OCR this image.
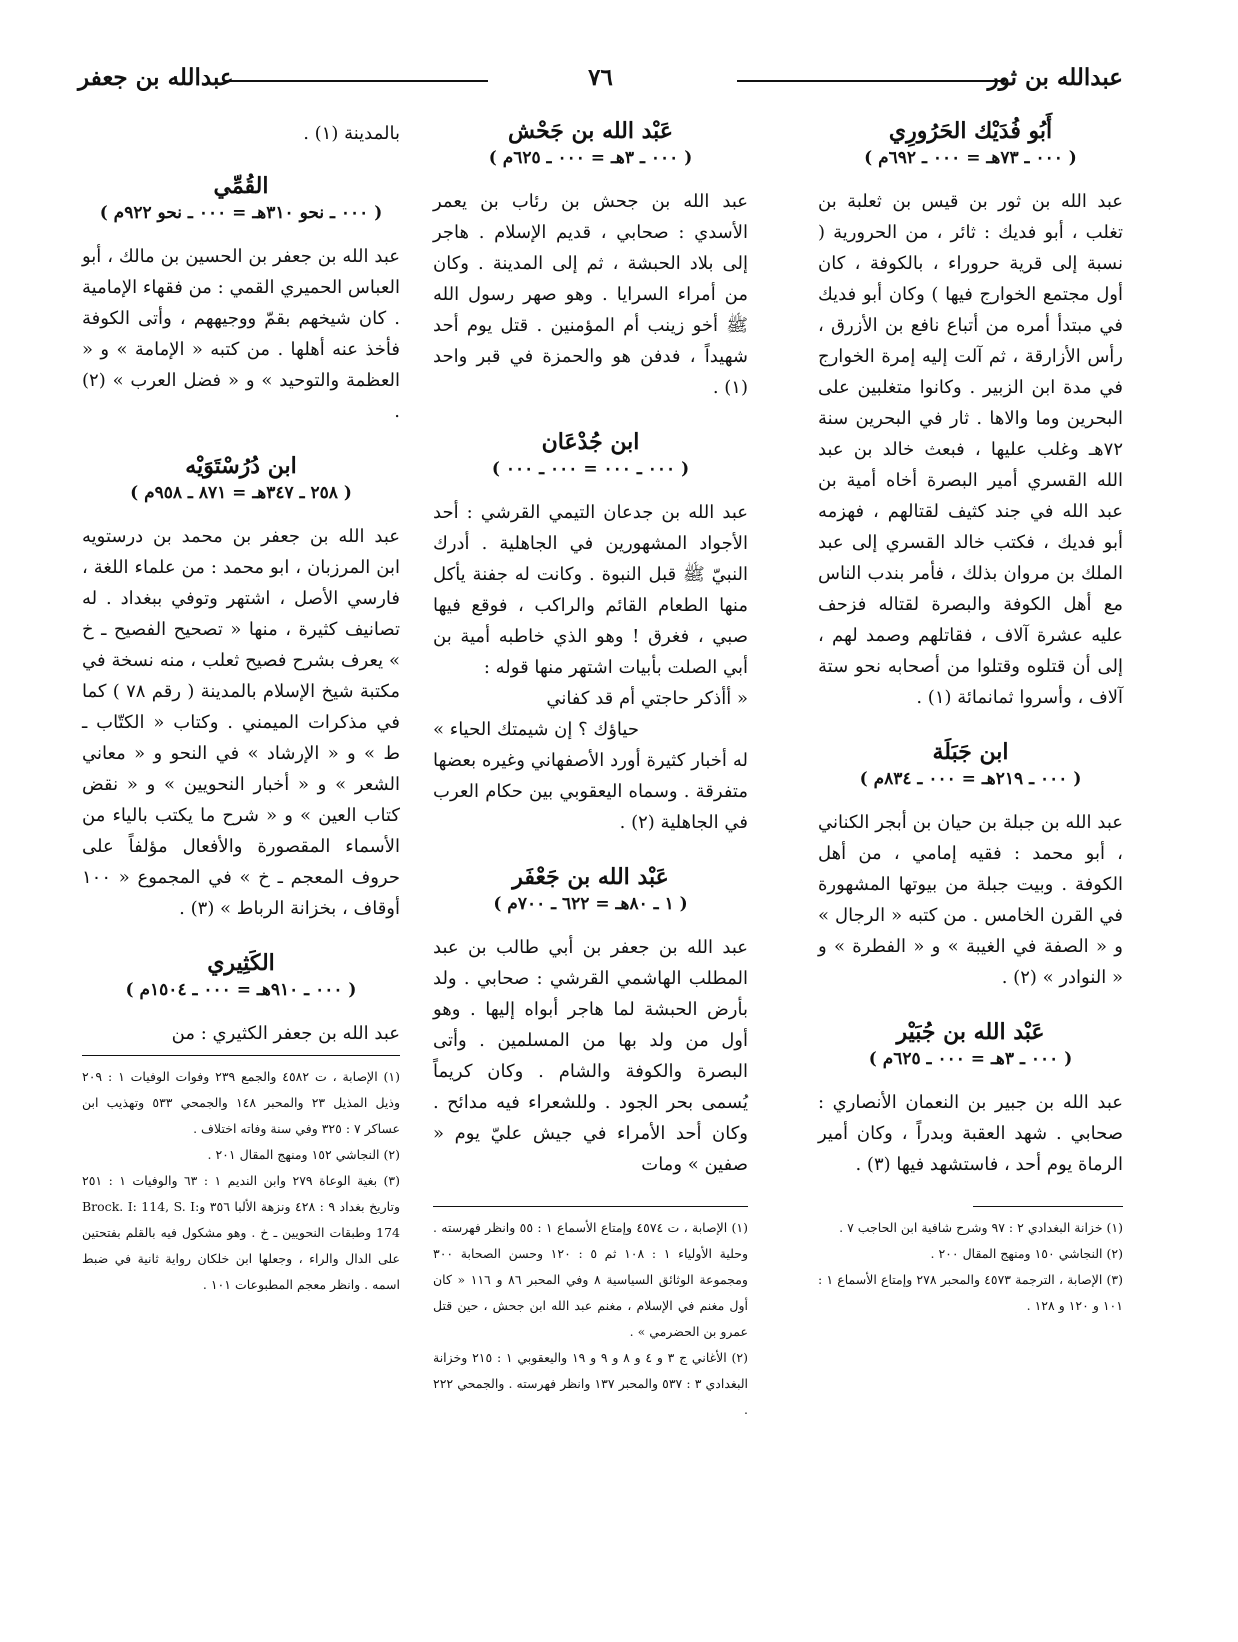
عبدالله بن ثور
٧٦
عبدالله بن جعفر
أَبُو فُدَيْك الحَرُورِي
( ٠٠٠ ـ ٧٣هـ = ٠٠٠ ـ ٦٩٢م )
عبد الله بن ثور بن قيس بن ثعلبة بن تغلب ، أبو فديك : ثائر ، من الحرورية ( نسبة إلى قرية حروراء ، بالكوفة ، كان أول مجتمع الخوارج فيها ) وكان أبو فديك في مبتدأ أمره من أتباع نافع بن الأزرق ، رأس الأزارقة ، ثم آلت إليه إمرة الخوارج في مدة ابن الزبير . وكانوا متغلبين على البحرين وما والاها . ثار في البحرين سنة ٧٢هـ وغلب عليها ، فبعث خالد بن عبد الله القسري أمير البصرة أخاه أمية بن عبد الله في جند كثيف لقتالهم ، فهزمه أبو فديك ، فكتب خالد القسري إلى عبد الملك بن مروان بذلك ، فأمر بندب الناس مع أهل الكوفة والبصرة لقتاله فزحف عليه عشرة آلاف ، فقاتلهم وصمد لهم ، إلى أن قتلوه وقتلوا من أصحابه نحو ستة آلاف ، وأسروا ثمانمائة (١) .
ابن جَبَلَة
( ٠٠٠ ـ ٢١٩هـ = ٠٠٠ ـ ٨٣٤م )
عبد الله بن جبلة بن حيان بن أبجر الكناني ، أبو محمد : فقيه إمامي ، من أهل الكوفة . وبيت جبلة من بيوتها المشهورة في القرن الخامس . من كتبه « الرجال » و « الصفة في الغيبة » و « الفطرة » و « النوادر » (٢) .
عَبْد الله بن جُبَيْر
( ٠٠٠ ـ ٣هـ = ٠٠٠ ـ ٦٢٥م )
عبد الله بن جبير بن النعمان الأنصاري : صحابي . شهد العقبة وبدراً ، وكان أمير الرماة يوم أحد ، فاستشهد فيها (٣) .
(١) خزانة البغدادي ٢ : ٩٧ وشرح شافية ابن الحاجب ٧ .
(٢) النجاشي ١٥٠ ومنهج المقال ٢٠٠ .
(٣) الإصابة ، الترجمة ٤٥٧٣ والمحبر ٢٧٨ وإمتاع الأسماع ١ : ١٠١ و ١٢٠ و ١٢٨ .
عَبْد الله بن جَحْش
( ٠٠٠ ـ ٣هـ = ٠٠٠ ـ ٦٢٥م )
عبد الله بن جحش بن رئاب بن يعمر الأسدي : صحابي ، قديم الإسلام . هاجر إلى بلاد الحبشة ، ثم إلى المدينة . وكان من أمراء السرايا . وهو صهر رسول الله ﷺ أخو زينب أم المؤمنين . قتل يوم أحد شهيداً ، فدفن هو والحمزة في قبر واحد (١) .
ابن جُدْعَان
( ٠٠٠ ـ ٠٠٠ = ٠٠٠ ـ ٠٠٠ )
عبد الله بن جدعان التيمي القرشي : أحد الأجواد المشهورين في الجاهلية . أدرك النبيّ ﷺ قبل النبوة . وكانت له جفنة يأكل منها الطعام القائم والراكب ، فوقع فيها صبي ، فغرق ! وهو الذي خاطبه أمية بن أبي الصلت بأبيات اشتهر منها قوله :
« أأذكر حاجتي أم قد كفاني
حياؤك ؟ إن شيمتك الحياء »
له أخبار كثيرة أورد الأصفهاني وغيره بعضها متفرقة . وسماه اليعقوبي بين حكام العرب في الجاهلية (٢) .
عَبْد الله بن جَعْفَر
( ١ ـ ٨٠هـ = ٦٢٢ ـ ٧٠٠م )
عبد الله بن جعفر بن أبي طالب بن عبد المطلب الهاشمي القرشي : صحابي . ولد بأرض الحبشة لما هاجر أبواه إليها . وهو أول من ولد بها من المسلمين . وأتى البصرة والكوفة والشام . وكان كريماً يُسمى بحر الجود . وللشعراء فيه مدائح . وكان أحد الأمراء في جيش عليّ يوم « صفين » ومات
(١) الإصابة ، ت ٤٥٧٤ وإمتاع الأسماع ١ : ٥٥ وانظر فهرسته . وحلية الأولياء ١ : ١٠٨ ثم ٥ : ١٢٠ وحسن الصحابة ٣٠٠ ومجموعة الوثائق السياسية ٨ وفي المحبر ٨٦ و ١١٦ « كان أول مغنم في الإسلام ، مغنم عبد الله ابن جحش ، حين قتل عمرو بن الحضرمي » .
(٢) الأغاني ج ٣ و ٤ و ٨ و ٩ و ١٩ واليعقوبي ١ : ٢١٥ وخزانة البغدادي ٣ : ٥٣٧ والمحبر ١٣٧ وانظر فهرسته . والجمحي ٢٢٢ .
بالمدينة (١) .
القُمِّي
( ٠٠٠ ـ نحو ٣١٠هـ = ٠٠٠ ـ نحو ٩٢٢م )
عبد الله بن جعفر بن الحسين بن مالك ، أبو العباس الحميري القمي : من فقهاء الإمامية . كان شيخهم بقمّ ووجيههم ، وأتى الكوفة فأخذ عنه أهلها . من كتبه « الإمامة » و « العظمة والتوحيد » و « فضل العرب » (٢) .
ابن دُرُسْتَوَيْه
( ٢٥٨ ـ ٣٤٧هـ = ٨٧١ ـ ٩٥٨م )
عبد الله بن جعفر بن محمد بن درستويه ابن المرزبان ، ابو محمد : من علماء اللغة ، فارسي الأصل ، اشتهر وتوفي ببغداد . له تصانيف كثيرة ، منها « تصحيح الفصيح ـ خ » يعرف بشرح فصيح ثعلب ، منه نسخة في مكتبة شيخ الإسلام بالمدينة ( رقم ٧٨ ) كما في مذكرات الميمني . وكتاب « الكتّاب ـ ط » و « الإرشاد » في النحو و « معاني الشعر » و « أخبار النحويين » و « نقض كتاب العين » و « شرح ما يكتب بالياء من الأسماء المقصورة والأفعال مؤلفاً على حروف المعجم ـ خ » في المجموع « ١٠٠ أوقاف ، بخزانة الرباط » (٣) .
الكَثِيري
( ٠٠٠ ـ ٩١٠هـ = ٠٠٠ ـ ١٥٠٤م )
عبد الله بن جعفر الكثيري : من
(١) الإصابة ، ت ٤٥٨٢ والجمع ٢٣٩ وفوات الوفيات ١ : ٢٠٩ وذيل المذيل ٢٣ والمحبر ١٤٨ والجمحي ٥٣٣ وتهذيب ابن عساكر ٧ : ٣٢٥ وفي سنة وفاته اختلاف .
(٢) النجاشي ١٥٢ ومنهج المقال ٢٠١ .
(٣) بغية الوعاة ٢٧٩ وابن النديم ١ : ٦٣ والوفيات ١ : ٢٥١ وتاريخ بغداد ٩ : ٤٢٨ ونزهة الألبا ٣٥٦ وBrock. I: 114, S. I: 174 وطبقات النحويين ـ خ . وهو مشكول فيه بالقلم بفتحتين على الدال والراء ، وجعلها ابن خلكان رواية ثانية في ضبط اسمه . وانظر معجم المطبوعات ١٠١ .
